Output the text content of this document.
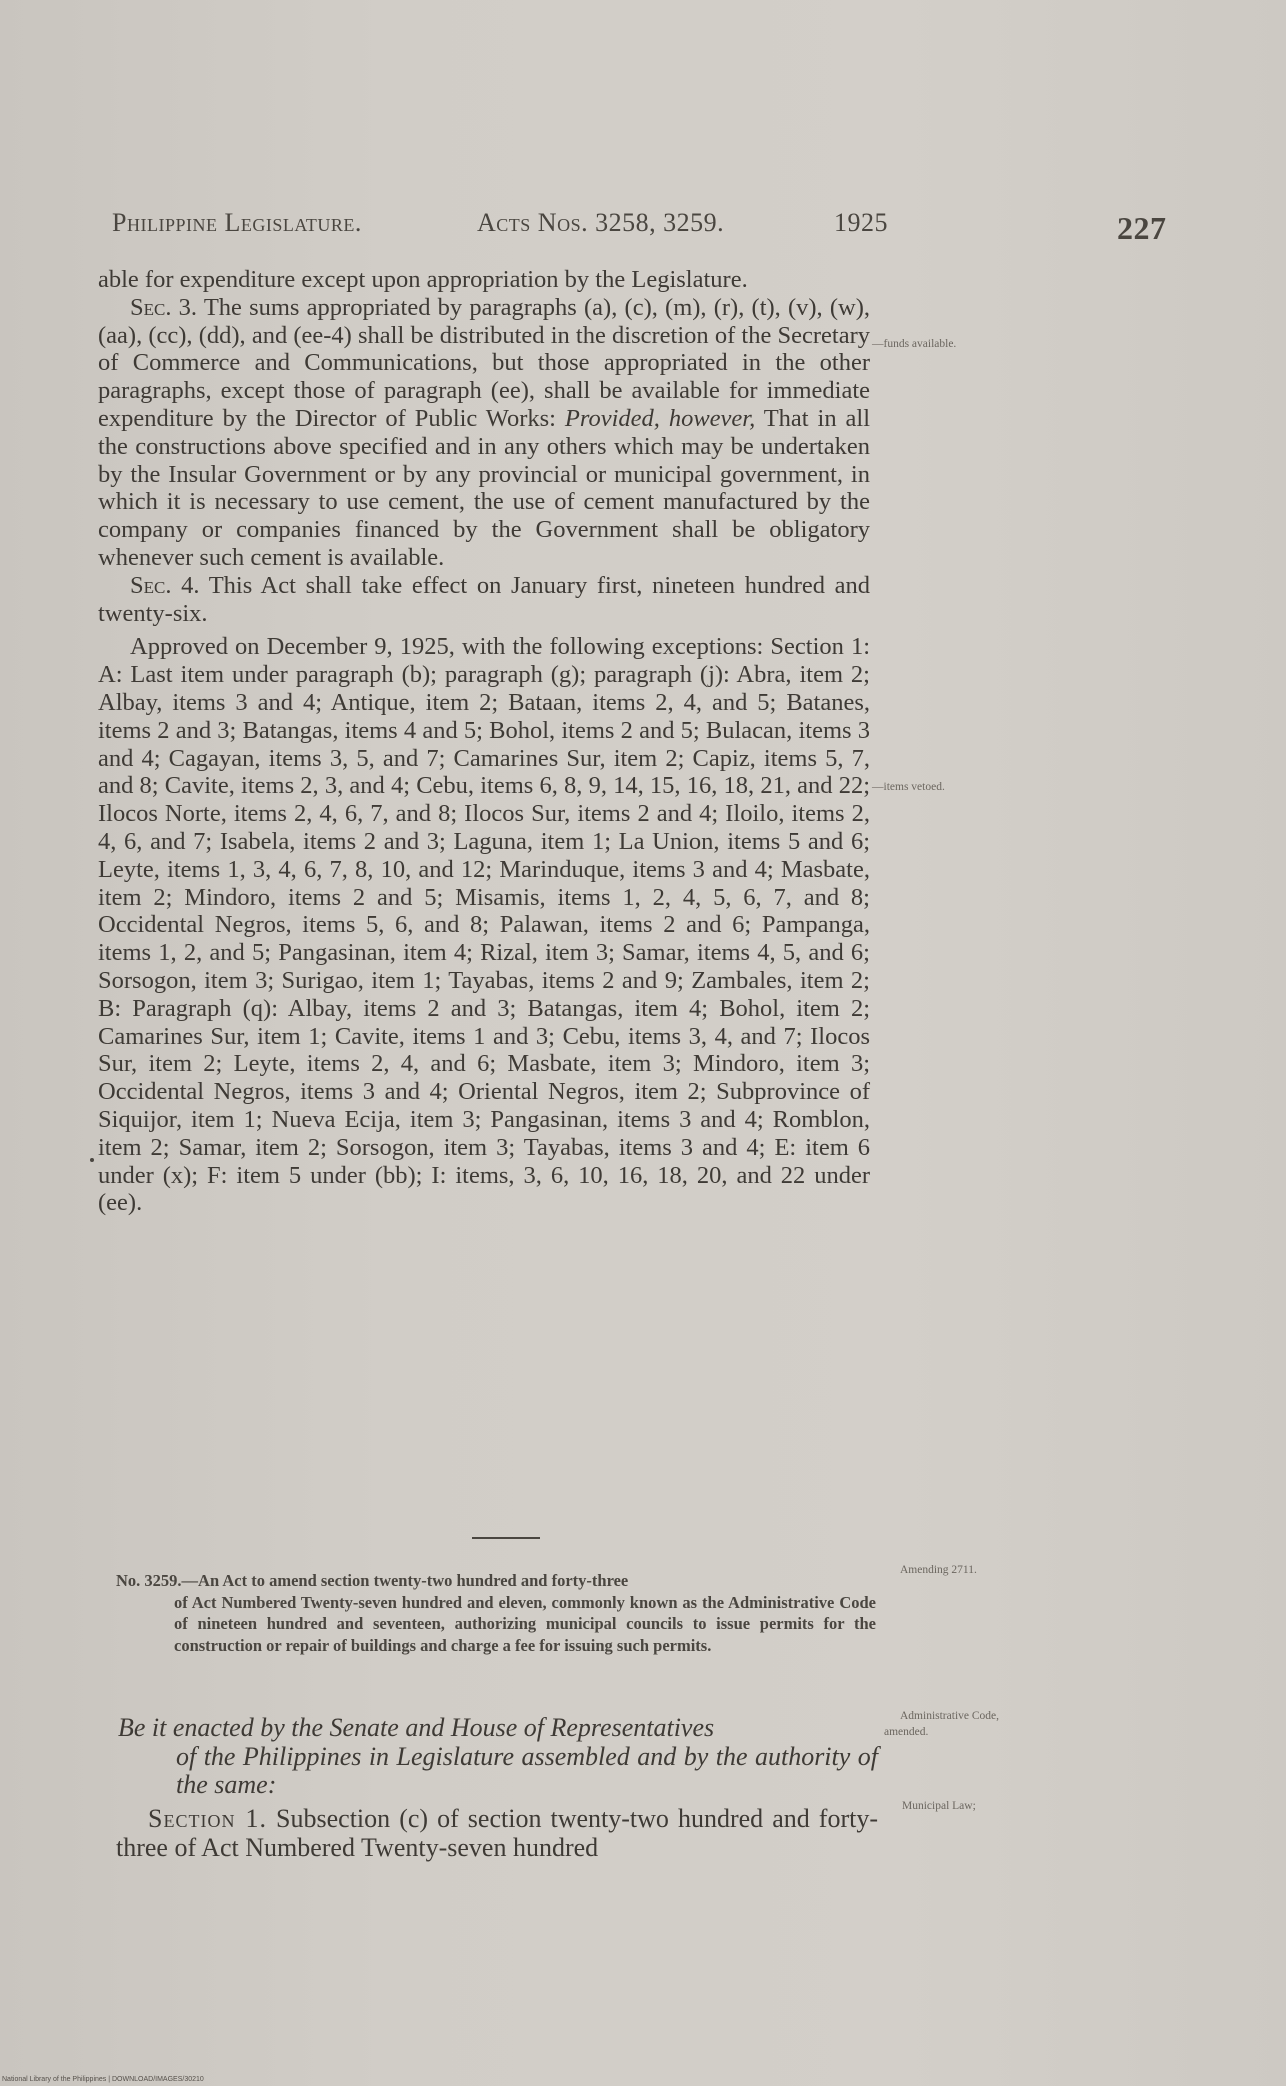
Philippine Legislature.	Acts Nos. 3258, 3259.	1925	227

able for expenditure except upon appropriation by the Legislature.

Sec. 3. The sums appropriated by paragraphs (a), (c), (m), (r), (t), (v), (w), (aa), (cc), (dd), and (ee-4) shall be distributed in the discretion of the Secretary of Commerce and Communications, but those appropriated in the other paragraphs, except those of paragraph (ee), shall be available for immediate expenditure by the Director of Public Works: Provided, however, That in all the constructions above specified and in any others which may be undertaken by the Insular Government or by any provincial or municipal government, in which it is necessary to use cement, the use of cement manufactured by the company or companies financed by the Government shall be obligatory whenever such cement is available.

Sec. 4. This Act shall take effect on January first, nineteen hundred and twenty-six.

Approved on December 9, 1925, with the following exceptions: Section 1: A: Last item under paragraph (b); paragraph (g); paragraph (j): Abra, item 2; Albay, items 3 and 4; Antique, item 2; Bataan, items 2, 4, and 5; Batanes, items 2 and 3; Batangas, items 4 and 5; Bohol, items 2 and 5; Bulacan, items 3 and 4; Cagayan, items 3, 5, and 7; Camarines Sur, item 2; Capiz, items 5, 7, and 8; Cavite, items 2, 3, and 4; Cebu, items 6, 8, 9, 14, 15, 16, 18, 21, and 22; Ilocos Norte, items 2, 4, 6, 7, and 8; Ilocos Sur, items 2 and 4; Iloilo, items 2, 4, 6, and 7; Isabela, items 2 and 3; Laguna, item 1; La Union, items 5 and 6; Leyte, items 1, 3, 4, 6, 7, 8, 10, and 12; Marinduque, items 3 and 4; Masbate, item 2; Mindoro, items 2 and 5; Misamis, items 1, 2, 4, 5, 6, 7, and 8; Occidental Negros, items 5, 6, and 8; Palawan, items 2 and 6; Pampanga, items 1, 2, and 5; Pangasinan, item 4; Rizal, item 3; Samar, items 4, 5, and 6; Sorsogon, item 3; Surigao, item 1; Tayabas, items 2 and 9; Zambales, item 2; B: Paragraph (q): Albay, items 2 and 3; Batangas, item 4; Bohol, item 2; Camarines Sur, item 1; Cavite, items 1 and 3; Cebu, items 3, 4, and 7; Ilocos Sur, item 2; Leyte, items 2, 4, and 6; Masbate, item 3; Mindoro, item 3; Occidental Negros, items 3 and 4; Oriental Negros, item 2; Subprovince of Siquijor, item 1; Nueva Ecija, item 3; Pangasinan, items 3 and 4; Romblon, item 2; Samar, item 2; Sorsogon, item 3; Tayabas, items 3 and 4; E: item 6 under (x); F: item 5 under (bb); I: items, 3, 6, 10, 16, 18, 20, and 22 under (ee).

No. 3259.—An Act to amend section twenty-two hundred and forty-three
of Act Numbered Twenty-seven hundred and eleven, commonly known as the Administrative Code of nineteen hundred and seventeen, authorizing municipal councils to issue permits for the construction or repair of buildings and charge a fee for issuing such permits.
Be it enacted by the Senate and House of Representatives
of the Philippines in Legislature assembled and by the authority of the same:
Section 1. Subsection (c) of section twenty-two hundred and forty-three of Act Numbered Twenty-seven hundred
—funds available.
—items vetoed.
Amending 2711.
Administrative Code,
amended.
Municipal Law;
National Library of the Philippines | DOWNLOAD/IMAGES/30210
